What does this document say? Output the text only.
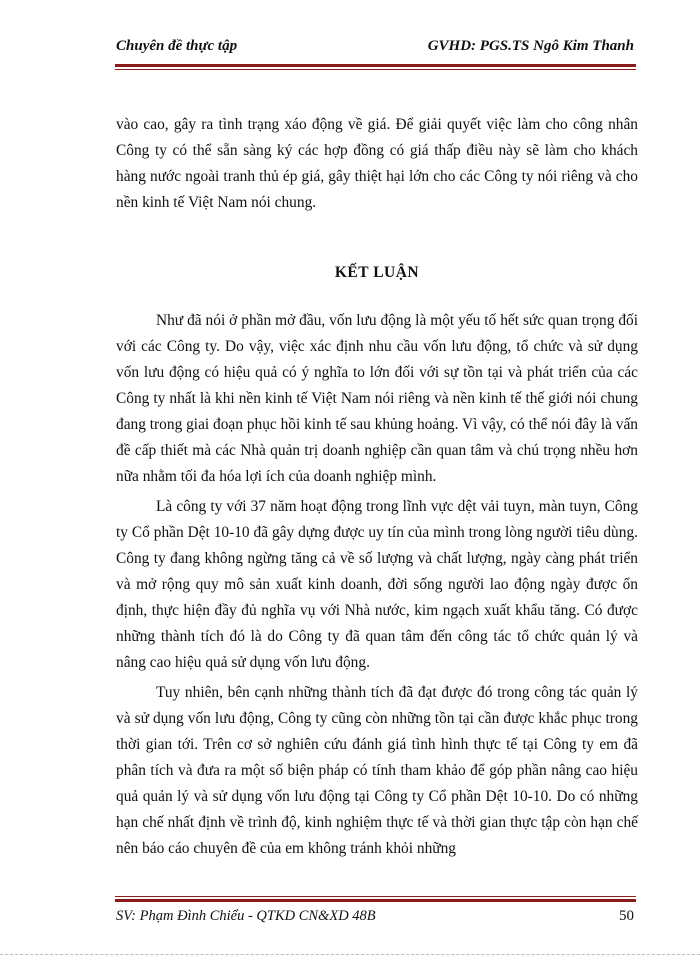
Chuyên đề thực tập	GVHD: PGS.TS Ngô Kim Thanh

vào cao, gây ra tình trạng xáo động về giá. Để giải quyết việc làm cho công nhân Công ty có thể sẵn sàng ký các hợp đồng có giá thấp điều này sẽ làm cho khách hàng nước ngoài tranh thủ ép giá, gây thiệt hại lớn cho các Công ty nói riêng và cho nền kinh tế Việt Nam nói chung.

KẾT LUẬN

Như đã nói ở phần mở đầu, vốn lưu động là một yếu tố hết sức quan trọng đối với các Công ty. Do vậy, việc xác định nhu cầu vốn lưu động, tổ chức và sử dụng vốn lưu động có hiệu quả có ý nghĩa to lớn đối với sự tồn tại và phát triển của các Công ty nhất là khi nền kinh tế Việt Nam nói riêng và nền kinh tế thế giới nói chung đang trong giai đoạn phục hồi kinh tế sau khủng hoảng. Vì vậy, có thể nói đây là vấn đề cấp thiết mà các Nhà quản trị doanh nghiệp cần quan tâm và chú trọng nhều hơn nữa nhằm tối đa hóa lợi ích của doanh nghiệp mình.

Là công ty với 37 năm hoạt động trong lĩnh vực dệt vải tuyn, màn tuyn, Công ty Cổ phần Dệt 10-10 đã gây dựng được uy tín của mình trong lòng người tiêu dùng. Công ty đang không ngừng tăng cả về số lượng và chất lượng, ngày càng phát triển và mở rộng quy mô sản xuất kinh doanh, đời sống người lao động ngày được ổn định, thực hiện đầy đủ nghĩa vụ với Nhà nước, kim ngạch xuất khẩu tăng. Có được những thành tích đó là do Công ty đã quan tâm đến công tác tổ chức quản lý và nâng cao hiệu quả sử dụng vốn lưu động.

Tuy nhiên, bên cạnh những thành tích đã đạt được đó trong công tác quản lý và sử dụng vốn lưu động, Công ty cũng còn những tồn tại cần được khắc phục trong thời gian tới. Trên cơ sở nghiên cứu đánh giá tình hình thực tế tại Công ty em đã phân tích và đưa ra một số biện pháp có tính tham khảo để góp phần nâng cao hiệu quả quản lý và sử dụng vốn lưu động tại Công ty Cổ phần Dệt 10-10. Do có những hạn chế nhất định về trình độ, kinh nghiệm thực tế và thời gian thực tập còn hạn chế nên báo cáo chuyên đề của em không tránh khỏi những

SV: Phạm Đình Chiểu - QTKD CN&XD 48B	50
